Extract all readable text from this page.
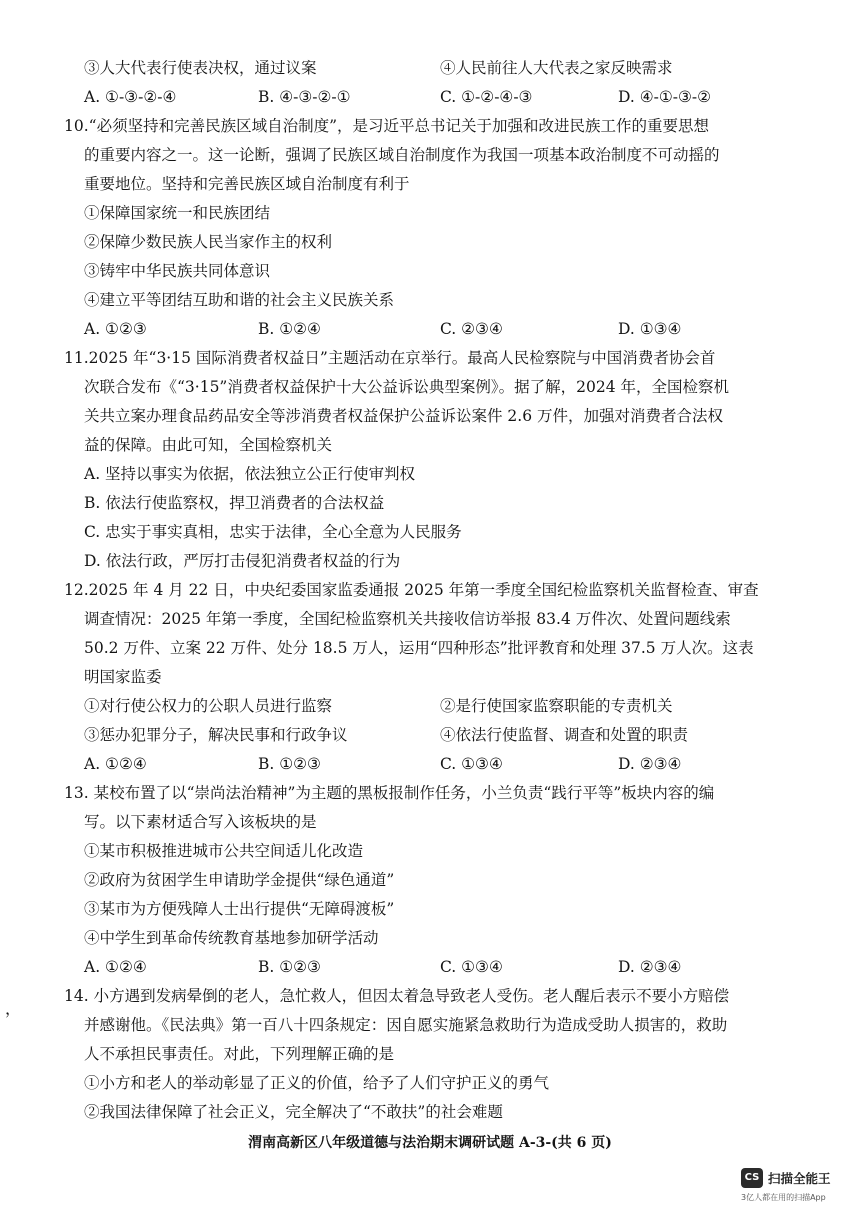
③人大代表行使表决权，通过议案	④人民前往人大代表之家反映需求
A. ①-③-②-④	B. ④-③-②-①	C. ①-②-④-③	D. ④-①-③-②
10.“必须坚持和完善民族区域自治制度”，是习近平总书记关于加强和改进民族工作的重要思想
的重要内容之一。这一论断，强调了民族区域自治制度作为我国一项基本政治制度不可动摇的
重要地位。坚持和完善民族区域自治制度有利于
①保障国家统一和民族团结
②保障少数民族人民当家作主的权利
③铸牢中华民族共同体意识
④建立平等团结互助和谐的社会主义民族关系
A. ①②③	B. ①②④	C. ②③④	D. ①③④
11.2025 年“3·15 国际消费者权益日”主题活动在京举行。最高人民检察院与中国消费者协会首
次联合发布《“3·15”消费者权益保护十大公益诉讼典型案例》。据了解，2024 年，全国检察机
关共立案办理食品药品安全等涉消费者权益保护公益诉讼案件 2.6 万件，加强对消费者合法权
益的保障。由此可知，全国检察机关
A. 坚持以事实为依据，依法独立公正行使审判权
B. 依法行使监察权，捍卫消费者的合法权益
C. 忠实于事实真相，忠实于法律，全心全意为人民服务
D. 依法行政，严厉打击侵犯消费者权益的行为
12.2025 年 4 月 22 日，中央纪委国家监委通报 2025 年第一季度全国纪检监察机关监督检查、审查
调查情况：2025 年第一季度，全国纪检监察机关共接收信访举报 83.4 万件次、处置问题线索
50.2 万件、立案 22 万件、处分 18.5 万人，运用“四种形态”批评教育和处理 37.5 万人次。这表
明国家监委
①对行使公权力的公职人员进行监察	②是行使国家监察职能的专责机关
③惩办犯罪分子，解决民事和行政争议	④依法行使监督、调查和处置的职责
A. ①②④	B. ①②③	C. ①③④	D. ②③④
13. 某校布置了以“崇尚法治精神”为主题的黑板报制作任务，小兰负责“践行平等”板块内容的编
写。以下素材适合写入该板块的是
①某市积极推进城市公共空间适儿化改造
②政府为贫困学生申请助学金提供“绿色通道”
③某市为方便残障人士出行提供“无障碍渡板”
④中学生到革命传统教育基地参加研学活动
A. ①②④	B. ①②③	C. ①③④	D. ②③④
14. 小方遇到发病晕倒的老人，急忙救人，但因太着急导致老人受伤。老人醒后表示不要小方赔偿
并感谢他。《民法典》第一百八十四条规定：因自愿实施紧急救助行为造成受助人损害的，救助
人不承担民事责任。对此，下列理解正确的是
①小方和老人的举动彰显了正义的价值，给予了人们守护正义的勇气
②我国法律保障了社会正义，完全解决了“不敢扶”的社会难题
，
渭南高新区八年级道德与法治期末调研试题 A-3-(共 6 页)
CS 扫描全能王
3亿人都在用的扫描App
